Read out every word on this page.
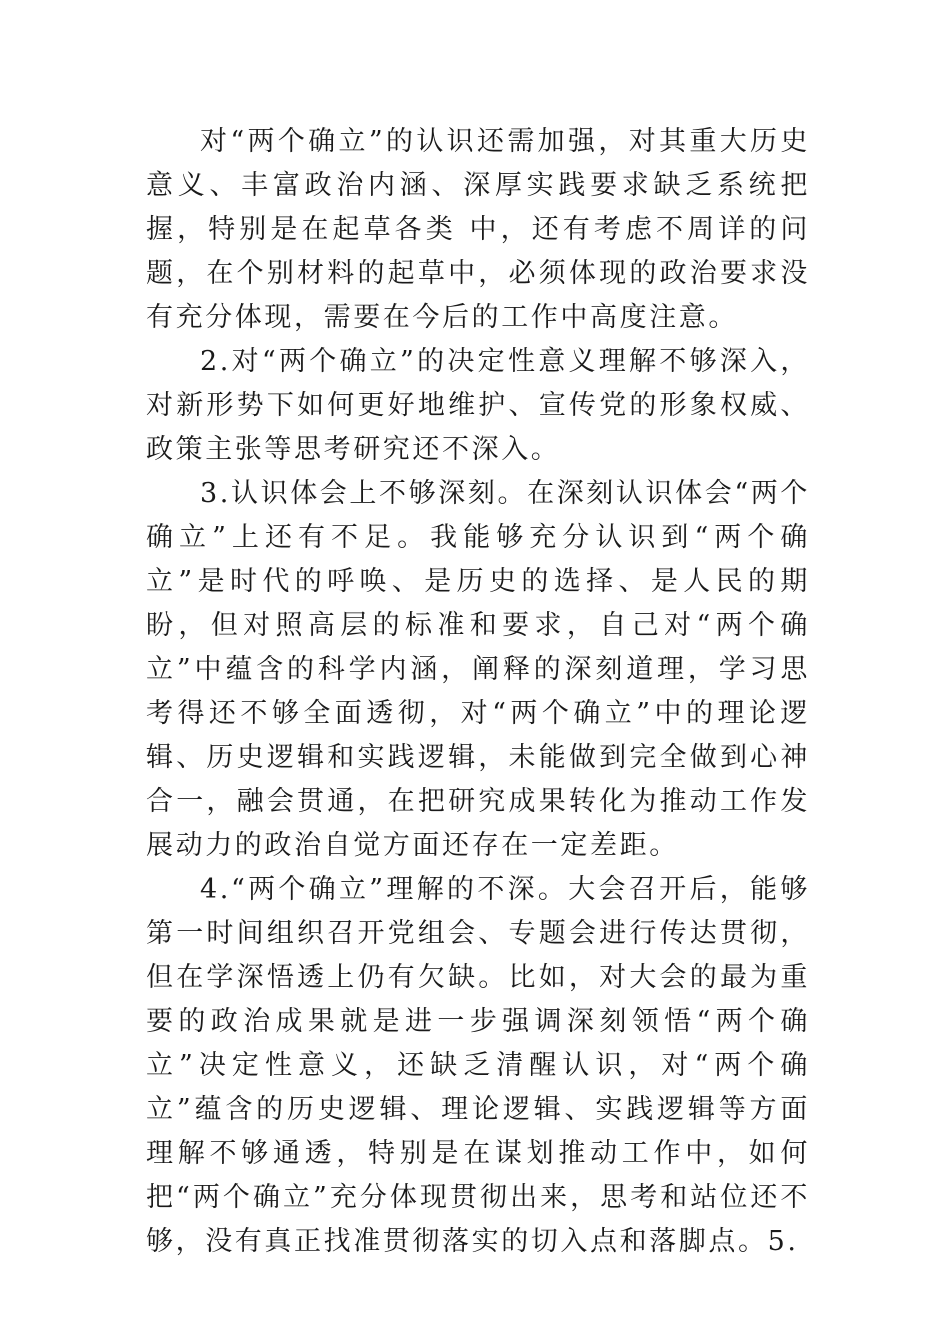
对“两个确立”的认识还需加强，对其重大历史意义、丰富政治内涵、深厚实践要求缺乏系统把握，特别是在起草各类 中，还有考虑不周详的问题，在个别材料的起草中，必须体现的政治要求没有充分体现，需要在今后的工作中高度注意。

2.对“两个确立”的决定性意义理解不够深入，对新形势下如何更好地维护、宣传党的形象权威、政策主张等思考研究还不深入。

3.认识体会上不够深刻。在深刻认识体会“两个确立”上还有不足。我能够充分认识到“两个确立”是时代的呼唤、是历史的选择、是人民的期盼，但对照高层的标准和要求，自己对“两个确立”中蕴含的科学内涵，阐释的深刻道理，学习思考得还不够全面透彻，对“两个确立”中的理论逻辑、历史逻辑和实践逻辑，未能做到完全做到心神合一，融会贯通，在把研究成果转化为推动工作发展动力的政治自觉方面还存在一定差距。

4.“两个确立”理解的不深。大会召开后，能够第一时间组织召开党组会、专题会进行传达贯彻，但在学深悟透上仍有欠缺。比如，对大会的最为重要的政治成果就是进一步强调深刻领悟“两个确立”决定性意义，还缺乏清醒认识，对“两个确立”蕴含的历史逻辑、理论逻辑、实践逻辑等方面理解不够通透，特别是在谋划推动工作中，如何把“两个确立”充分体现贯彻出来，思考和站位还不够，没有真正找准贯彻落实的切入点和落脚点。5.
